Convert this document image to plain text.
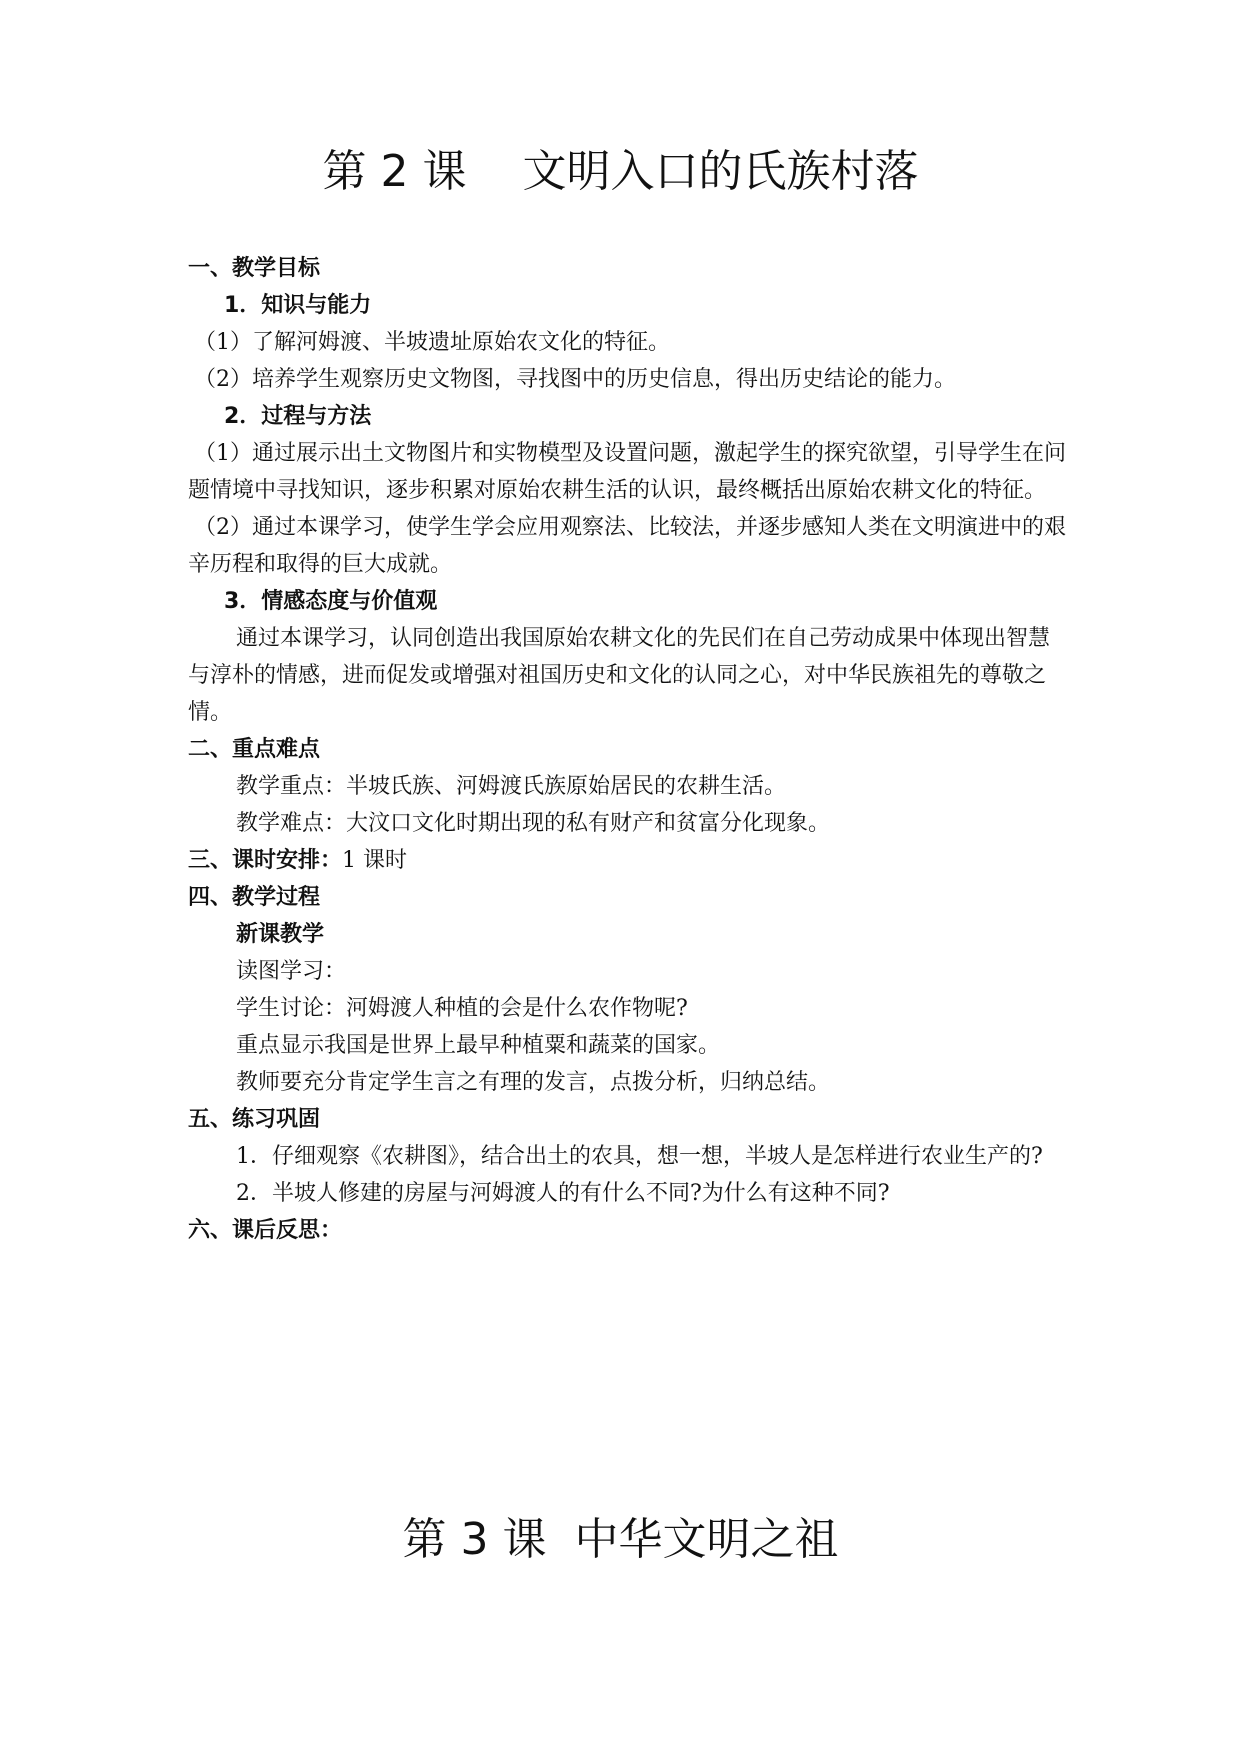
第 2 课    文明入口的氏族村落

一、教学目标

1．知识与能力

（1）了解河姆渡、半坡遗址原始农文化的特征。

（2）培养学生观察历史文物图，寻找图中的历史信息，得出历史结论的能力。

2．过程与方法

（1）通过展示出土文物图片和实物模型及设置问题，激起学生的探究欲望，引导学生在问题情境中寻找知识，逐步积累对原始农耕生活的认识，最终概括出原始农耕文化的特征。

（2）通过本课学习，使学生学会应用观察法、比较法，并逐步感知人类在文明演进中的艰辛历程和取得的巨大成就。

3．情感态度与价值观

通过本课学习，认同创造出我国原始农耕文化的先民们在自己劳动成果中体现出智慧与淳朴的情感，进而促发或增强对祖国历史和文化的认同之心，对中华民族祖先的尊敬之情。

二、重点难点

教学重点：半坡氏族、河姆渡氏族原始居民的农耕生活。

教学难点：大汶口文化时期出现的私有财产和贫富分化现象。

三、课时安排：1 课时

四、教学过程

新课教学

读图学习：

学生讨论：河姆渡人种植的会是什么农作物呢?

重点显示我国是世界上最早种植粟和蔬菜的国家。

教师要充分肯定学生言之有理的发言，点拨分析，归纳总结。

五、练习巩固

1．仔细观察《农耕图》，结合出土的农具，想一想，半坡人是怎样进行农业生产的?

2．半坡人修建的房屋与河姆渡人的有什么不同?为什么有这种不同?

六、课后反思：

第 3 课  中华文明之祖
